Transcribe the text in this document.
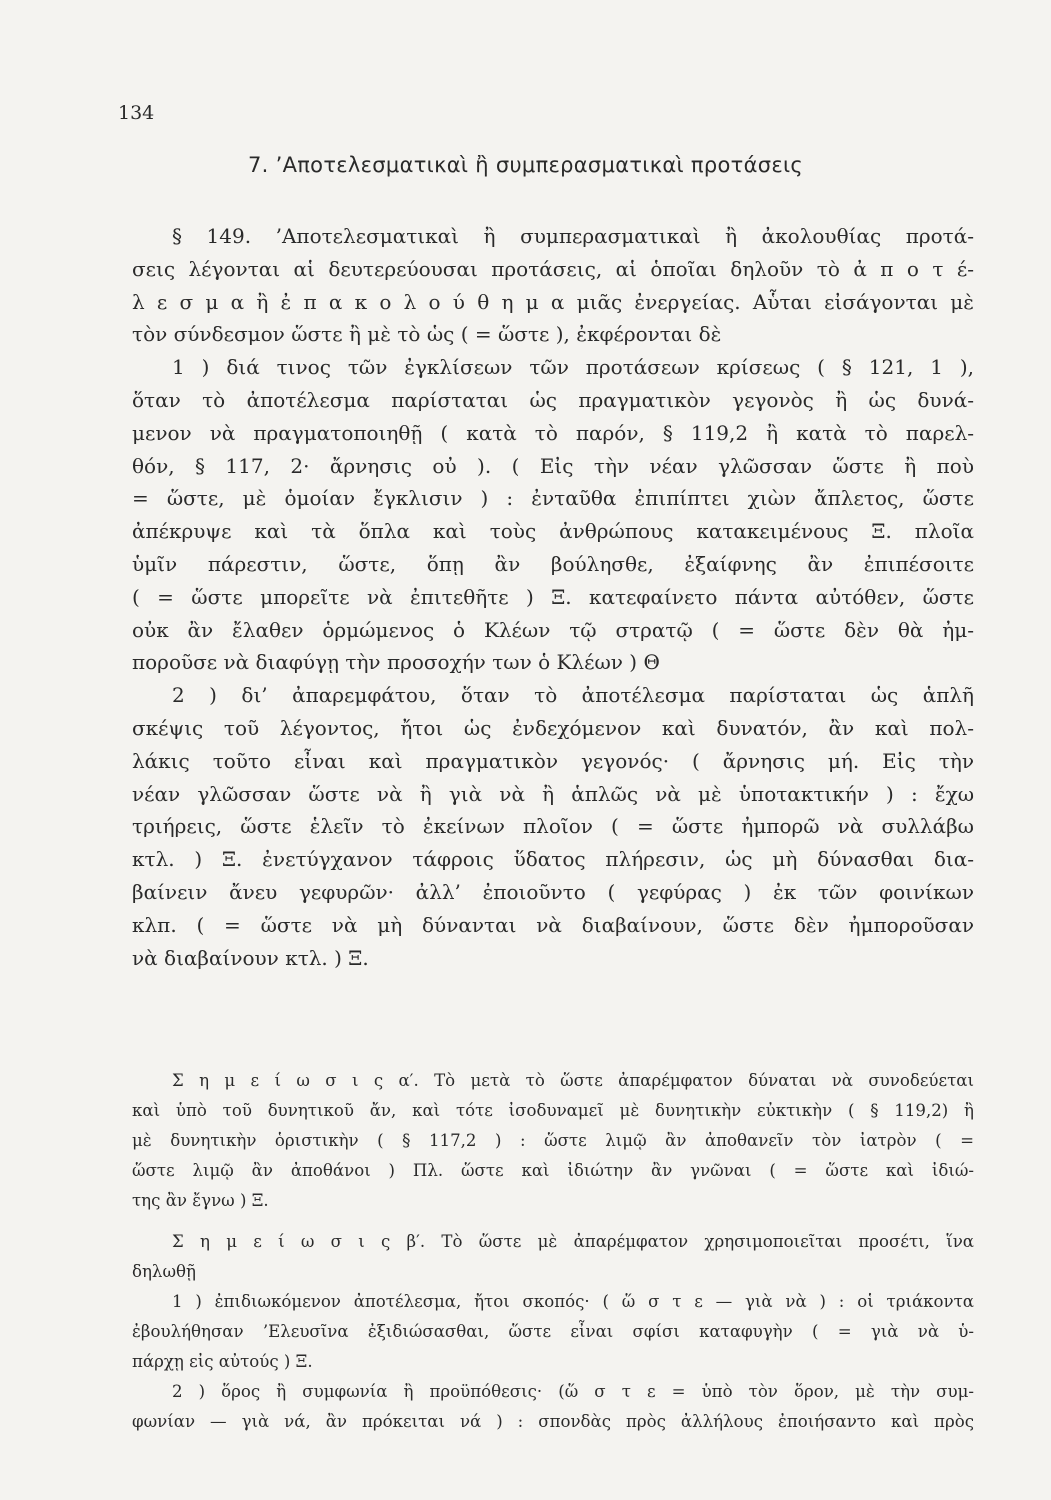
134
7. ’Αποτελεσματικαὶ ἢ συμπερασματικαὶ προτάσεις
§ 149. ’Αποτελεσματικαὶ ἢ συμπερασματικαὶ ἢ ἀκολουθίας προτά-
σεις λέγονται αἱ δευτερεύουσαι προτάσεις, αἱ ὁποῖαι δηλοῦν τὸ ἀ π ο τ έ-
λ ε σ μ α ἢ ἐ π α κ ο λ ο ύ θ η μ α μιᾶς ἐνεργείας. Αὗται εἰσάγονται μὲ
τὸν σύνδεσμον ὥστε ἢ μὲ τὸ ὡς ( = ὥστε ), ἐκφέρονται δὲ
1 ) διά τινος τῶν ἐγκλίσεων τῶν προτάσεων κρίσεως ( § 121, 1 ),
ὅταν τὸ ἀποτέλεσμα παρίσταται ὡς πραγματικὸν γεγονὸς ἢ ὡς δυνά-
μενον νὰ πραγματοποιηθῇ ( κατὰ τὸ παρόν, § 119,2 ἢ κατὰ τὸ παρελ-
θόν, § 117, 2· ἄρνησις οὐ ). ( Εἰς τὴν νέαν γλῶσσαν ὥστε ἢ ποὺ
= ὥστε, μὲ ὁμοίαν ἔγκλισιν ) : ἐνταῦθα ἐπιπίπτει χιὼν ἄπλετος, ὥστε
ἀπέκρυψε καὶ τὰ ὅπλα καὶ τοὺς ἀνθρώπους κατακειμένους Ξ. πλοῖα
ὑμῖν πάρεστιν, ὥστε, ὅπῃ ἂν βούλησθε, ἐξαίφνης ἂν ἐπιπέσοιτε
( = ὥστε μπορεῖτε νὰ ἐπιτεθῆτε ) Ξ. κατεφαίνετο πάντα αὐτόθεν, ὥστε
οὐκ ἂν ἔλαθεν ὁρμώμενος ὁ Κλέων τῷ στρατῷ ( = ὥστε δὲν θὰ ἠμ-
ποροῦσε νὰ διαφύγῃ τὴν προσοχήν των ὁ Κλέων ) Θ
2 ) δι’ ἀπαρεμφάτου, ὅταν τὸ ἀποτέλεσμα παρίσταται ὡς ἁπλῆ
σκέψις τοῦ λέγοντος, ἤτοι ὡς ἐνδεχόμενον καὶ δυνατόν, ἂν καὶ πολ-
λάκις τοῦτο εἶναι καὶ πραγματικὸν γεγονός· ( ἄρνησις μή. Εἰς τὴν
νέαν γλῶσσαν ὥστε νὰ ἢ γιὰ νὰ ἢ ἁπλῶς νὰ μὲ ὑποτακτικήν ) : ἔχω
τριήρεις, ὥστε ἑλεῖν τὸ ἐκείνων πλοῖον ( = ὥστε ἠμπορῶ νὰ συλλάβω
κτλ. ) Ξ. ἐνετύγχανον τάφροις ὕδατος πλήρεσιν, ὡς μὴ δύνασθαι δια-
βαίνειν ἄνευ γεφυρῶν· ἀλλ’ ἐποιοῦντο ( γεφύρας ) ἐκ τῶν φοινίκων
κλπ. ( = ὥστε νὰ μὴ δύνανται νὰ διαβαίνουν, ὥστε δὲν ἠμποροῦσαν
νὰ διαβαίνουν κτλ. ) Ξ.
Σ η μ ε ί ω σ ι ς α′. Τὸ μετὰ τὸ ὥστε ἀπαρέμφατον δύναται νὰ συνοδεύεται
καὶ ὑπὸ τοῦ δυνητικοῦ ἄν, καὶ τότε ἰσοδυναμεῖ μὲ δυνητικὴν εὐκτικὴν ( § 119,2) ἢ
μὲ δυνητικὴν ὁριστικὴν ( § 117,2 ) : ὥστε λιμῷ ἂν ἀποθανεῖν τὸν ἰατρὸν ( =
ὥστε λιμῷ ἂν ἀποθάνοι ) Πλ. ὥστε καὶ ἰδιώτην ἂν γνῶναι ( = ὥστε καὶ ἰδιώ-
της ἂν ἔγνω ) Ξ.
Σ η μ ε ί ω σ ι ς β′. Τὸ ὥστε μὲ ἀπαρέμφατον χρησιμοποιεῖται προσέτι, ἵνα
δηλωθῇ
1 ) ἐπιδιωκόμενον ἀποτέλεσμα, ἤτοι σκοπός· ( ὥ σ τ ε — γιὰ νὰ ) : οἱ τριάκοντα
ἐβουλήθησαν ’Ελευσῖνα ἐξιδιώσασθαι, ὥστε εἶναι σφίσι καταφυγὴν ( = γιὰ νὰ ὑ-
πάρχῃ εἰς αὐτούς ) Ξ.
2 ) ὅρος ἢ συμφωνία ἢ προϋπόθεσις· (ὥ σ τ ε = ὑπὸ τὸν ὅρον, μὲ τὴν συμ-
φωνίαν — γιὰ νά, ἂν πρόκειται νά ) : σπονδὰς πρὸς ἀλλήλους ἐποιήσαντο καὶ πρὸς
